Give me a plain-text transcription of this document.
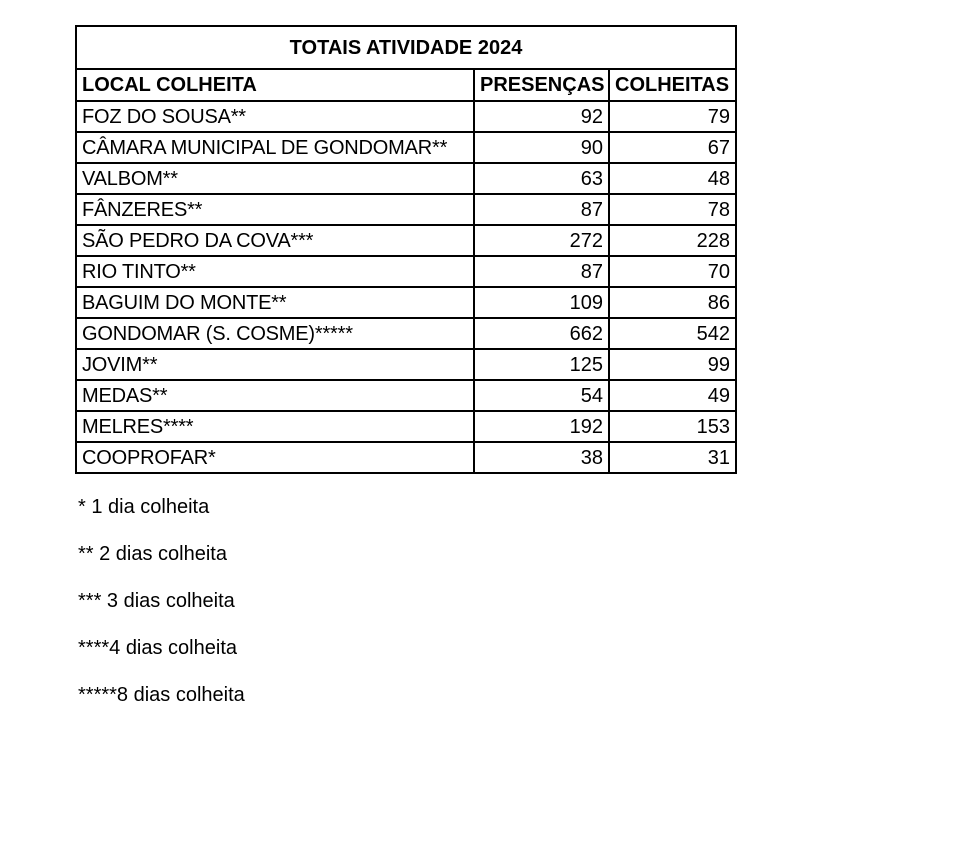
TOTAIS ATIVIDADE 2024		
LOCAL COLHEITA	PRESENÇAS	COLHEITAS
FOZ DO SOUSA**	92	79
CÂMARA MUNICIPAL DE GONDOMAR**	90	67
VALBOM**	63	48
FÂNZERES**	87	78
SÃO PEDRO DA COVA***	272	228
RIO TINTO**	87	70
BAGUIM DO MONTE**	109	86
GONDOMAR (S. COSME)*****	662	542
JOVIM**	125	99
MEDAS**	54	49
MELRES****	192	153
COOPROFAR*	38	31
* 1 dia colheita
** 2 dias colheita
*** 3 dias colheita
****4 dias colheita
*****8 dias colheita
